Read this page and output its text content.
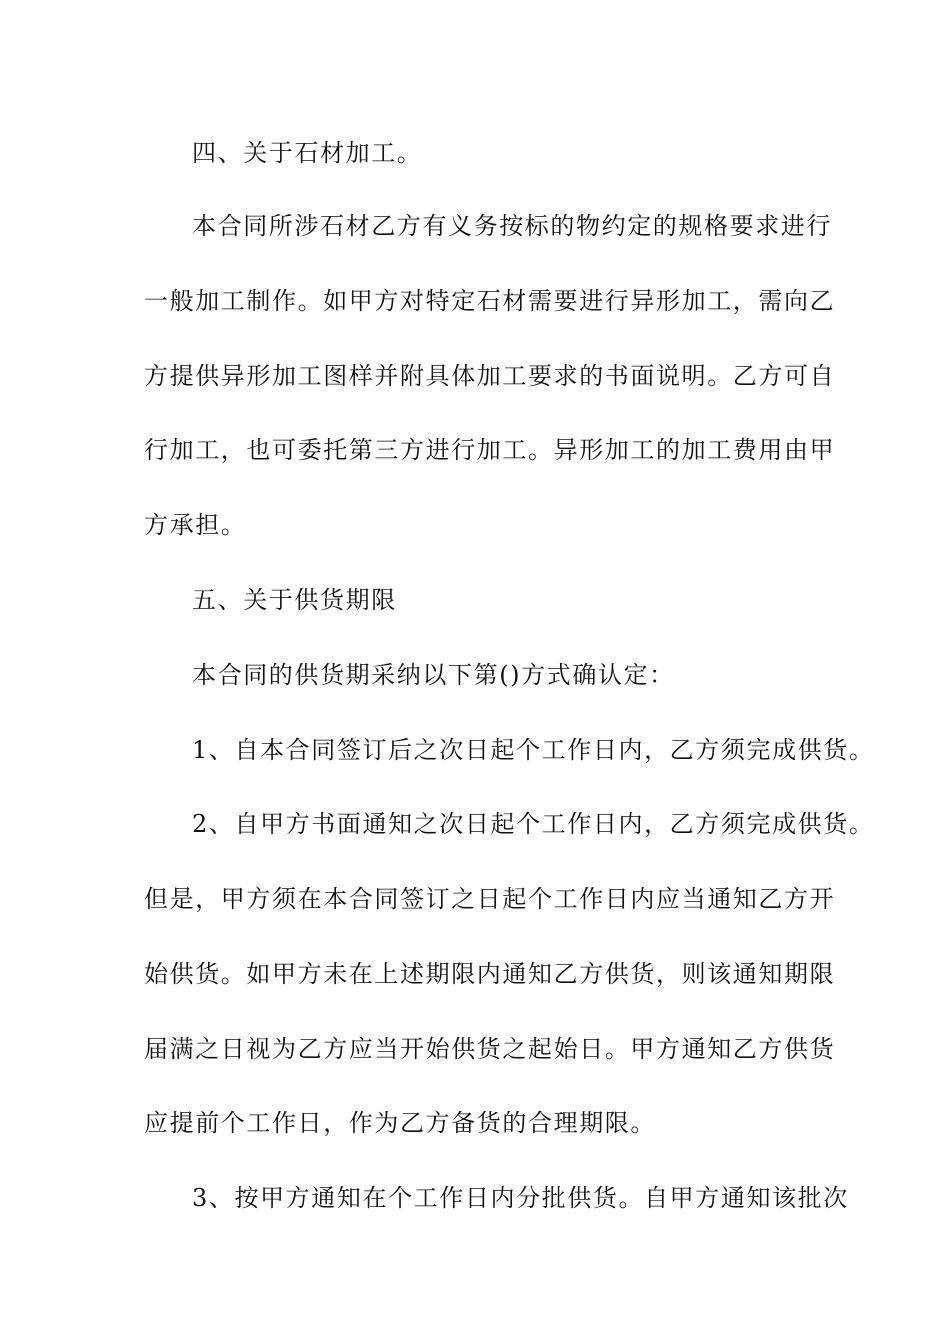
四、关于石材加工。
本合同所涉石材乙方有义务按标的物约定的规格要求进行
一般加工制作。如甲方对特定石材需要进行异形加工，需向乙
方提供异形加工图样并附具体加工要求的书面说明。乙方可自
行加工，也可委托第三方进行加工。异形加工的加工费用由甲
方承担。
五、关于供货期限
本合同的供货期采纳以下第()方式确认定：
1、自本合同签订后之次日起个工作日内，乙方须完成供货。
2、自甲方书面通知之次日起个工作日内，乙方须完成供货。
但是，甲方须在本合同签订之日起个工作日内应当通知乙方开
始供货。如甲方未在上述期限内通知乙方供货，则该通知期限
届满之日视为乙方应当开始供货之起始日。甲方通知乙方供货
应提前个工作日，作为乙方备货的合理期限。
3、按甲方通知在个工作日内分批供货。自甲方通知该批次
